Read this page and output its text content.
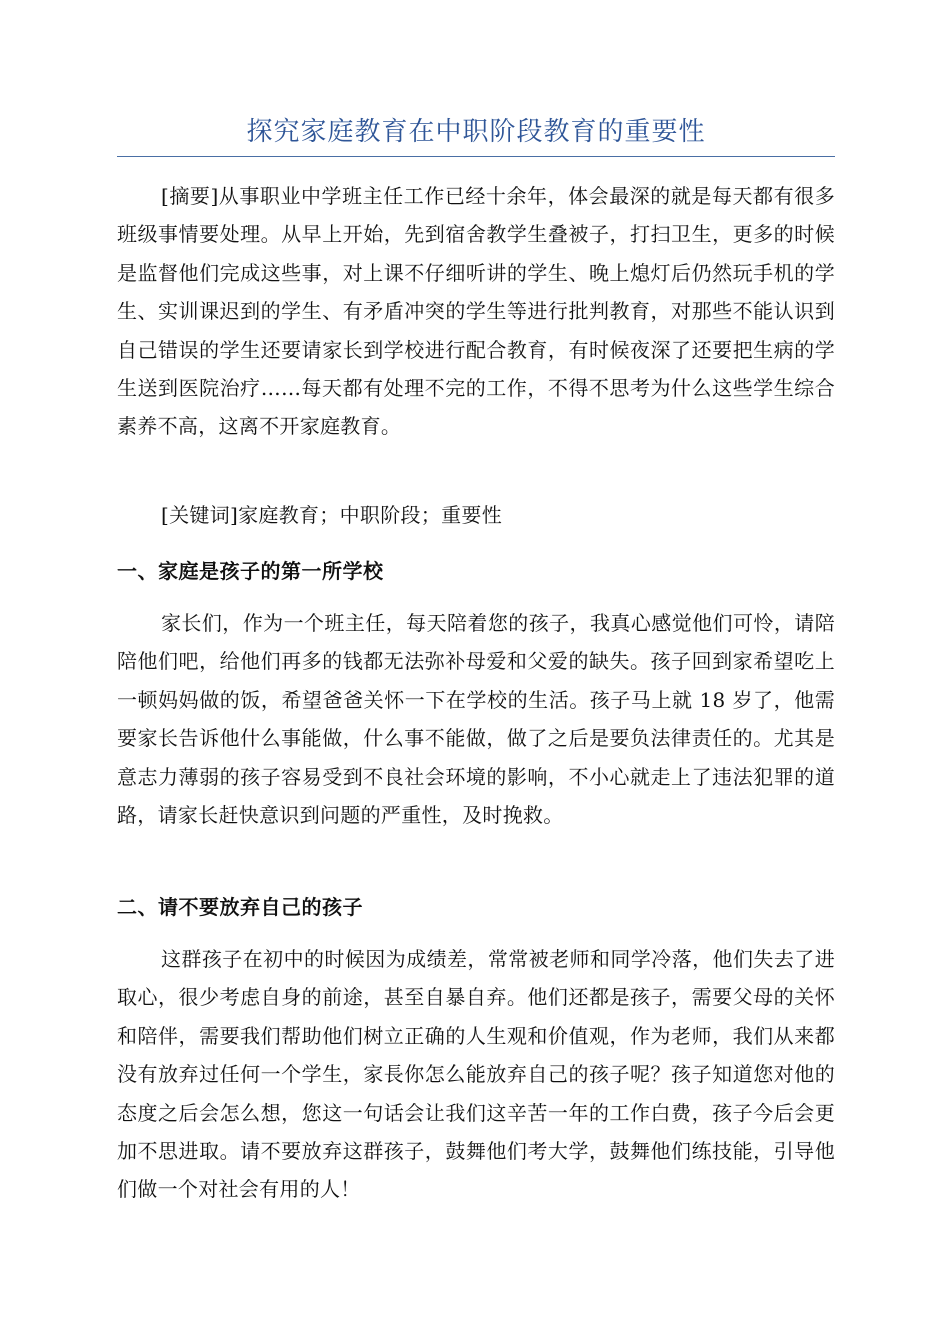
探究家庭教育在中职阶段教育的重要性

[摘要]从事职业中学班主任工作已经十余年，体会最深的就是每天都有很多班级事情要处理。从早上开始，先到宿舍教学生叠被子，打扫卫生，更多的时候是监督他们完成这些事，对上课不仔细听讲的学生、晚上熄灯后仍然玩手机的学生、实训课迟到的学生、有矛盾冲突的学生等进行批判教育，对那些不能认识到自己错误的学生还要请家长到学校进行配合教育，有时候夜深了还要把生病的学生送到医院治疗……每天都有处理不完的工作，不得不思考为什么这些学生综合素养不高，这离不开家庭教育。

[关键词]家庭教育；中职阶段；重要性

一、家庭是孩子的第一所学校

家长们，作为一个班主任，每天陪着您的孩子，我真心感觉他们可怜，请陪陪他们吧，给他们再多的钱都无法弥补母爱和父爱的缺失。孩子回到家希望吃上一顿妈妈做的饭，希望爸爸关怀一下在学校的生活。孩子马上就 18 岁了，他需要家长告诉他什么事能做，什么事不能做，做了之后是要负法律责任的。尤其是意志力薄弱的孩子容易受到不良社会环境的影响，不小心就走上了违法犯罪的道路，请家长赶快意识到问题的严重性，及时挽救。

二、请不要放弃自己的孩子

这群孩子在初中的时候因为成绩差，常常被老师和同学冷落，他们失去了进取心，很少考虑自身的前途，甚至自暴自弃。他们还都是孩子，需要父母的关怀和陪伴，需要我们帮助他们树立正确的人生观和价值观，作为老师，我们从来都没有放弃过任何一个学生，家長你怎么能放弃自己的孩子呢？孩子知道您对他的态度之后会怎么想，您这一句话会让我们这辛苦一年的工作白费，孩子今后会更加不思进取。请不要放弃这群孩子，鼓舞他们考大学，鼓舞他们练技能，引导他们做一个对社会有用的人！
